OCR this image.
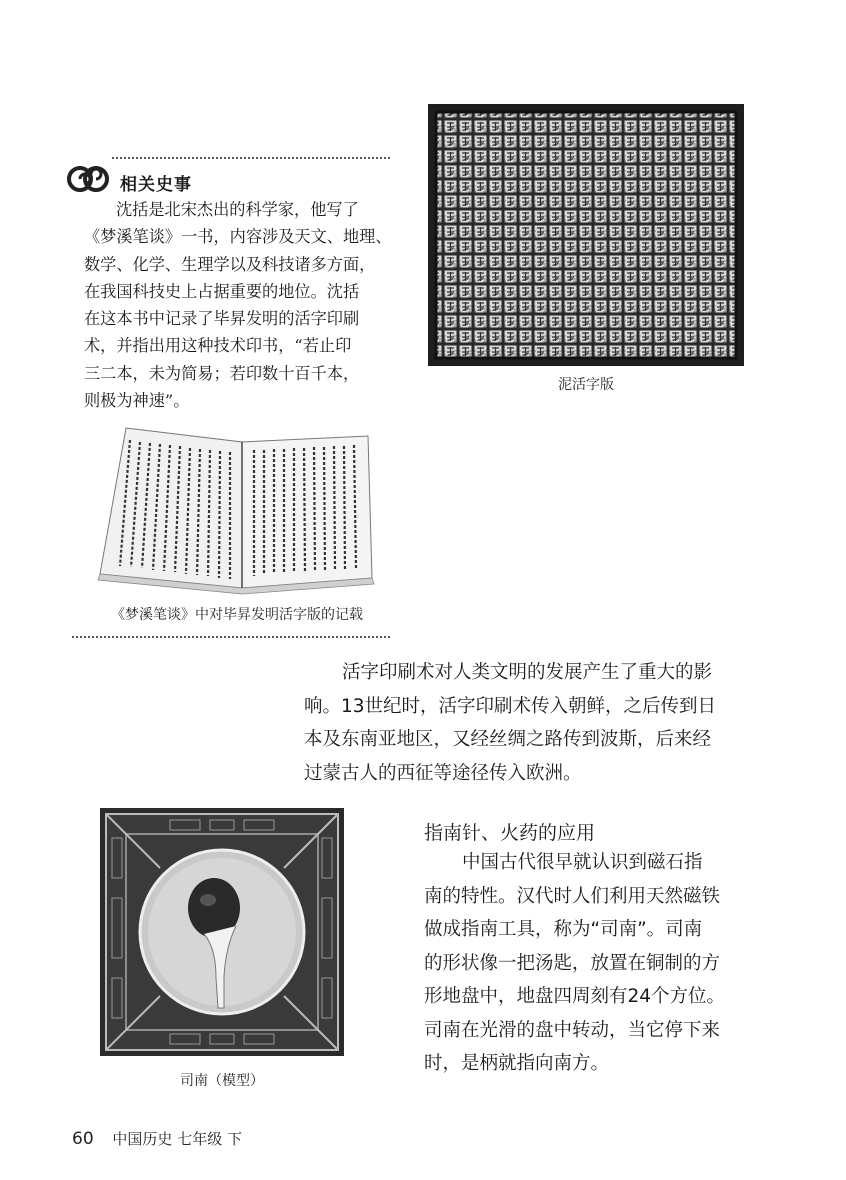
相关史事
沈括是北宋杰出的科学家，他写了
《梦溪笔谈》一书，内容涉及天文、地理、
数学、化学、生理学以及科技诸多方面，
在我国科技史上占据重要的地位。沈括
在这本书中记录了毕昇发明的活字印刷
术，并指出用这种技术印书，“若止印
三二本，未为简易；若印数十百千本，
则极为神速”。
泥活字版
《梦溪笔谈》中对毕昇发明活字版的记载
活字印刷术对人类文明的发展产生了重大的影
响。13世纪时，活字印刷术传入朝鲜，之后传到日
本及东南亚地区，又经丝绸之路传到波斯，后来经
过蒙古人的西征等途径传入欧洲。
司南（模型）
指南针、火药的应用
中国古代很早就认识到磁石指
南的特性。汉代时人们利用天然磁铁
做成指南工具，称为“司南”。司南
的形状像一把汤匙，放置在铜制的方
形地盘中，地盘四周刻有24个方位。
司南在光滑的盘中转动，当它停下来
时，是柄就指向南方。
60 中国历史 七年级 下
